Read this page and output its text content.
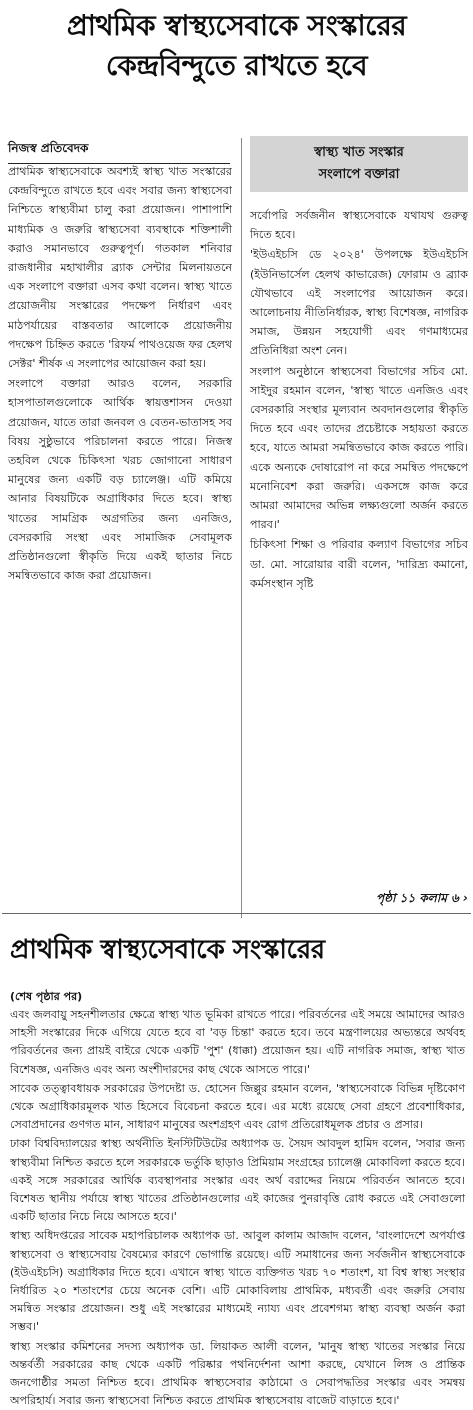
প্রাথমিক স্বাস্থ্যসেবাকে সংস্কারের
কেন্দ্রবিন্দুতে রাখতে হবে
নিজস্ব প্রতিবেদক

প্রাথমিক স্বাস্থ্যসেবাকে অবশ্যই স্বাস্থ্য খাত সংস্কারের কেন্দ্রবিন্দুতে রাখতে হবে এবং সবার জন্য স্বাস্থ্যসেবা নিশ্চিতে স্বাস্থ্যবীমা চালু করা প্রয়োজন। পাশাপাশি মাধ্যমিক ও জরুরি স্বাস্থ্যসেবা ব্যবস্থাকে শক্তিশালী করাও সমানভাবে গুরুত্বপূর্ণ। গতকাল শনিবার রাজধানীর মহাখালীর ব্র্যাক সেন্টার মিলনায়তনে এক সংলাপে বক্তারা এসব কথা বলেন। স্বাস্থ্য খাতে প্রয়োজনীয় সংস্কারের পদক্ষেপ নির্ধারণ এবং মাঠপর্যায়ের বাস্তবতার আলোকে প্রয়োজনীয় পদক্ষেপ চিহ্নিত করতে 'রিফর্ম পাথওয়েজ ফর হেলথ সেক্টর' শীর্ষক এ সংলাপের আয়োজন করা হয়।

সংলাপে বক্তারা আরও বলেন, সরকারি হাসপাতালগুলোকে আর্থিক স্বায়ত্তশাসন দেওয়া প্রয়োজন, যাতে তারা জনবল ও বেতন-ভাতাসহ সব বিষয় সুষ্ঠুভাবে পরিচালনা করতে পারে। নিজস্ব তহবিল থেকে চিকিৎসা খরচ জোগানো সাধারণ মানুষের জন্য একটি বড় চ্যালেঞ্জ। এটি কমিয়ে আনার বিষয়টিকে অগ্রাধিকার দিতে হবে। স্বাস্থ্য খাতের সামগ্রিক অগ্রগতির জন্য এনজিও, বেসরকারি সংস্থা এবং সামাজিক সেবামূলক প্রতিষ্ঠানগুলো স্বীকৃতি দিয়ে একই ছাতার নিচে সমন্বিতভাবে কাজ করা প্রয়োজন।

স্বাস্থ্য খাত সংস্কার
সংলাপে বক্তারা

সর্বোপরি সর্বজনীন স্বাস্থ্যসেবাকে যথাযথ গুরুত্ব দিতে হবে।

'ইউএইচসি ডে ২০২৪' উপলক্ষে ইউএইচসি (ইউনিভার্সেল হেলথ কাভারেজ) ফোরাম ও ব্র্যাক যৌথভাবে এই সংলাপের আয়োজন করে। আলোচনায় নীতিনির্ধারক, স্বাস্থ্য বিশেষজ্ঞ, নাগরিক সমাজ, উন্নয়ন সহযোগী এবং গণমাধ্যমের প্রতিনিধিরা অংশ নেন।

সংলাপ অনুষ্ঠানে স্বাস্থ্যসেবা বিভাগের সচিব মো. সাইদুর রহমান বলেন, 'স্বাস্থ্য খাতে এনজিও এবং বেসরকারি সংস্থার মূল্যবান অবদানগুলোর স্বীকৃতি দিতে হবে এবং তাদের প্রচেষ্টাকে সহায়তা করতে হবে, যাতে আমরা সমন্বিতভাবে কাজ করতে পারি। একে অন্যকে দোষারোপ না করে সমন্বিত পদক্ষেপে মনোনিবেশ করা জরুরি। একসঙ্গে কাজ করে আমরা আমাদের অভিন্ন লক্ষ্যগুলো অর্জন করতে পারব।'

চিকিৎসা শিক্ষা ও পরিবার কল্যাণ বিভাগের সচিব ডা. মো. সারোয়ার বারী বলেন, 'দারিদ্র্য কমানো, কর্মসংস্থান সৃষ্টি

পৃষ্ঠা ১১ কলাম ৬ ›
প্রাথমিক স্বাস্থ্যসেবাকে সংস্কারের
(শেষ পৃষ্ঠার পর)

এবং জলবায়ু সহনশীলতার ক্ষেত্রে স্বাস্থ্য খাত ভূমিকা রাখতে পারে। পরিবর্তনের এই সময়ে আমাদের আরও সাহসী সংস্কারের দিকে এগিয়ে যেতে হবে বা 'বড় চিন্তা' করতে হবে। তবে মন্ত্রণালয়ের অভ্যন্তরে অর্থবহ পরিবর্তনের জন্য প্রায়ই বাইরে থেকে একটি 'পুশ' (ধাক্কা) প্রয়োজন হয়। এটি নাগরিক সমাজ, স্বাস্থ্য খাত বিশেষজ্ঞ, এনজিও এবং অন্য অংশীদারদের কাছ থেকে আসতে পারে।'

সাবেক তত্ত্বাবধায়ক সরকারের উপদেষ্টা ড. হোসেন জিল্লুর রহমান বলেন, 'স্বাস্থ্যসেবাকে বিভিন্ন দৃষ্টিকোণ থেকে অগ্রাধিকারমূলক খাত হিসেবে বিবেচনা করতে হবে। এর মধ্যে রয়েছে সেবা গ্রহণে প্রবেশাধিকার, সেবাপ্রদানের গুণগত মান, সাধারণ মানুষের অংশগ্রহণ এবং রোগ প্রতিরোধমূলক প্রচার ও প্রসার।

ঢাকা বিশ্ববিদ্যালয়ের স্বাস্থ্য অর্থনীতি ইনস্টিটিউটের অধ্যাপক ড. সৈয়দ আবদুল হামিদ বলেন, 'সবার জন্য স্বাস্থ্যবীমা নিশ্চিত করতে হলে সরকারকে ভর্তুকি ছাড়াও প্রিমিয়াম সংগ্রহের চ্যালেঞ্জ মোকাবিলা করতে হবে। একই সঙ্গে সরকারের আর্থিক ব্যবস্থাপনার সংস্কার এবং অর্থ বরাদ্দের নিয়মে পরিবর্তন আনতে হবে। বিশেষত স্থানীয় পর্যায়ে স্বাস্থ্য খাতের প্রতিষ্ঠানগুলোর এই কাজের পুনরাবৃত্তি রোধ করতে এই সেবাগুলো একটি ছাতার নিচে নিয়ে আসতে হবে।'

স্বাস্থ্য অধিদপ্তরের সাবেক মহাপরিচালক অধ্যাপক ডা. আবুল কালাম আজাদ বলেন, 'বাংলাদেশে অপর্যাপ্ত স্বাস্থ্যসেবা ও স্বাস্থ্যসেবায় বৈষম্যের কারণে ভোগান্তি রয়েছে। এটি সমাধানের জন্য সর্বজনীন স্বাস্থ্যসেবাকে (ইউএইচসি) অগ্রাধিকার দিতে হবে। এখানে স্বাস্থ্য খাতে ব্যক্তিগত খরচ ৭০ শতাংশ, যা বিশ্ব স্বাস্থ্য সংস্থার নির্ধারিত ২০ শতাংশের চেয়ে অনেক বেশি। এটি মোকাবিলায় প্রাথমিক, মধ্যবর্তী এবং জরুরি সেবায় সমন্বিত সংস্কার প্রয়োজন। শুধু এই সংস্কারের মাধ্যমেই ন্যায্য এবং প্রবেশগম্য স্বাস্থ্য ব্যবস্থা অর্জন করা সম্ভব।'

স্বাস্থ্য সংস্কার কমিশনের সদস্য অধ্যাপক ডা. লিয়াকত আলী বলেন, 'মানুষ স্বাস্থ্য খাতের সংস্কার নিয়ে অন্তর্বর্তী সরকারের কাছ থেকে একটি পরিষ্কার পথনির্দেশনা আশা করছে, যেখানে লিঙ্গ ও প্রান্তিক জনগোষ্ঠীর সমতা নিশ্চিত হবে। প্রাথমিক স্বাস্থ্যসেবার কাঠামো ও সেবাপদ্ধতির সংস্কার এবং সমন্বয় অপরিহার্য। সবার জন্য স্বাস্থ্যসেবা নিশ্চিত করতে প্রাথমিক স্বাস্থ্যসেবায় বাজেট বাড়াতে হবে।'
